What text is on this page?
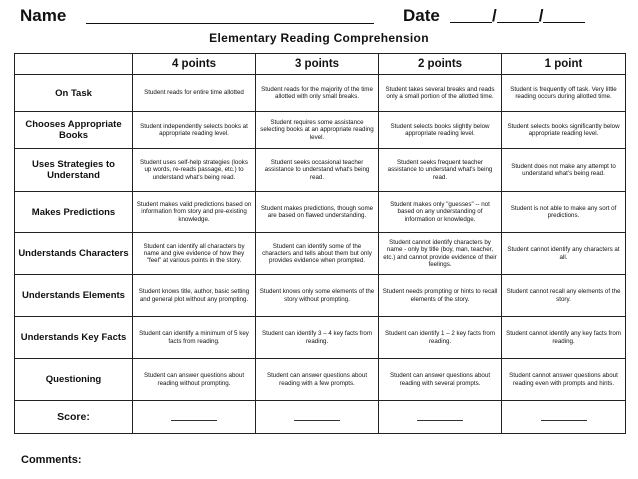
Name	Date	/ /
Elementary Reading Comprehension
	4 points	3 points	2 points	1 point
On Task	Student reads for entire time allotted	Student reads for the majority of the time allotted with only small breaks.	Student takes several breaks and reads only a small portion of the allotted time.	Student is frequently off task. Very little reading occurs during allotted time.
Chooses Appropriate Books	Student independently selects books at appropriate reading level.	Student requires some assistance selecting books at an appropriate reading level.	Student selects books slightly below appropriate reading level.	Student selects books significantly below appropriate reading level.
Uses Strategies to Understand	Student uses self-help strategies (looks up words, re-reads passage, etc.) to understand what's being read.	Student seeks occasional teacher assistance to understand what's being read.	Student seeks frequent teacher assistance to understand what's being read.	Student does not make any attempt to understand what's being read.
Makes Predictions	Student makes valid predictions based on information from story and pre-existing knowledge.	Student makes predictions, though some are based on flawed understanding.	Student makes only "guesses" -- not based on any understanding of information or knowledge.	Student is not able to make any sort of predictions.
Understands Characters	Student can identify all characters by name and give evidence of how they "feel" at various points in the story.	Student can identify some of the characters and tells about them but only provides evidence when prompted.	Student cannot identify characters by name - only by title (boy, man, teacher, etc.) and cannot provide evidence of their feelings.	Student cannot identify any characters at all.
Understands Elements	Student knows title, author, basic setting and general plot without any prompting.	Student knows only some elements of the story without prompting.	Student needs prompting or hints to recall elements of the story.	Student cannot recall any elements of the story.
Understands Key Facts	Student can identify a minimum of 5 key facts from reading.	Student can identify 3 – 4 key facts from reading.	Student can identify 1 – 2 key facts from reading.	Student cannot identify any key facts from reading.
Questioning	Student can answer questions about reading without prompting.	Student can answer questions about reading with a few prompts.	Student can answer questions about reading with several prompts.	Student cannot answer questions about reading even with prompts and hints.
Score:				
Comments:
